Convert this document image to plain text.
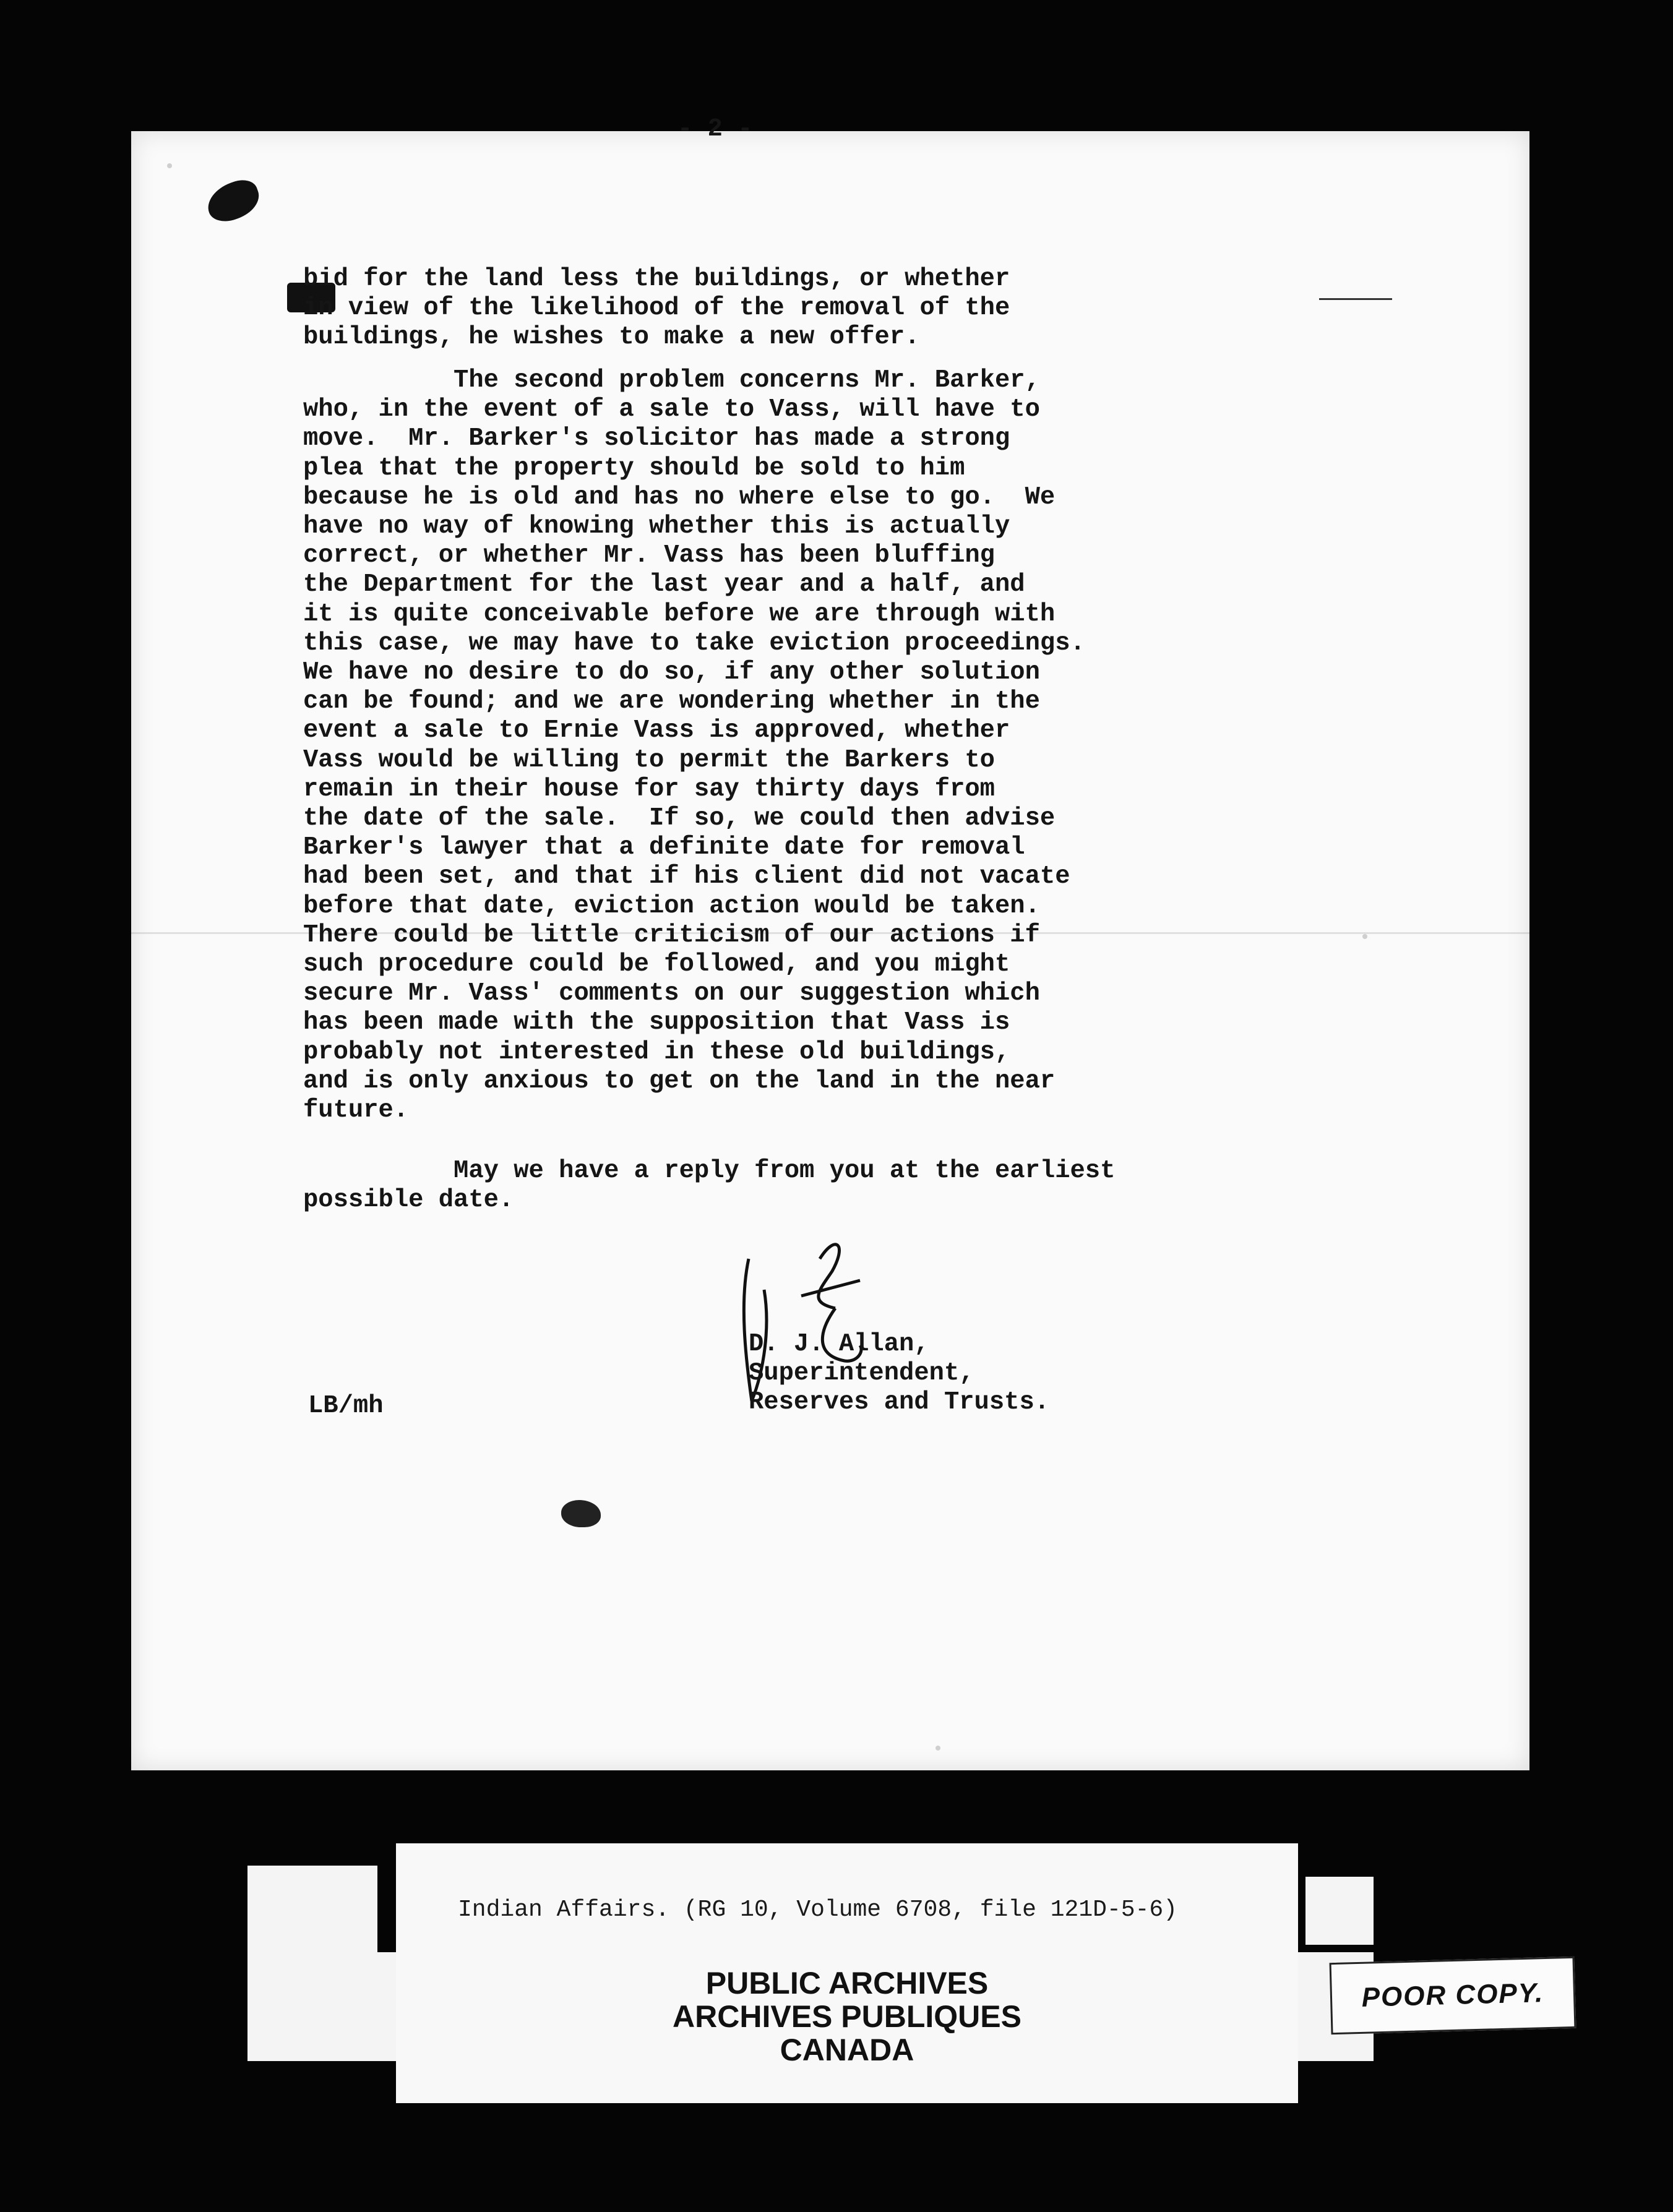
- 2 -
bid for the land less the buildings, or whether
in view of the likelihood of the removal of the
buildings, he wishes to make a new offer.
The second problem concerns Mr. Barker,
who, in the event of a sale to Vass, will have to
move.  Mr. Barker's solicitor has made a strong
plea that the property should be sold to him
because he is old and has no where else to go.  We
have no way of knowing whether this is actually
correct, or whether Mr. Vass has been bluffing
the Department for the last year and a half, and
it is quite conceivable before we are through with
this case, we may have to take eviction proceedings.
We have no desire to do so, if any other solution
can be found; and we are wondering whether in the
event a sale to Ernie Vass is approved, whether
Vass would be willing to permit the Barkers to
remain in their house for say thirty days from
the date of the sale.  If so, we could then advise
Barker's lawyer that a definite date for removal
had been set, and that if his client did not vacate
before that date, eviction action would be taken.
There could be little criticism of our actions if
such procedure could be followed, and you might
secure Mr. Vass' comments on our suggestion which
has been made with the supposition that Vass is
probably not interested in these old buildings,
and is only anxious to get on the land in the near
future.
May we have a reply from you at the earliest
possible date.
D. J. Allan,
Superintendent,
Reserves and Trusts.
LB/mh
Indian Affairs. (RG 10, Volume 6708, file 121D-5-6)
PUBLIC ARCHIVES
ARCHIVES PUBLIQUES
CANADA
POOR COPY.
